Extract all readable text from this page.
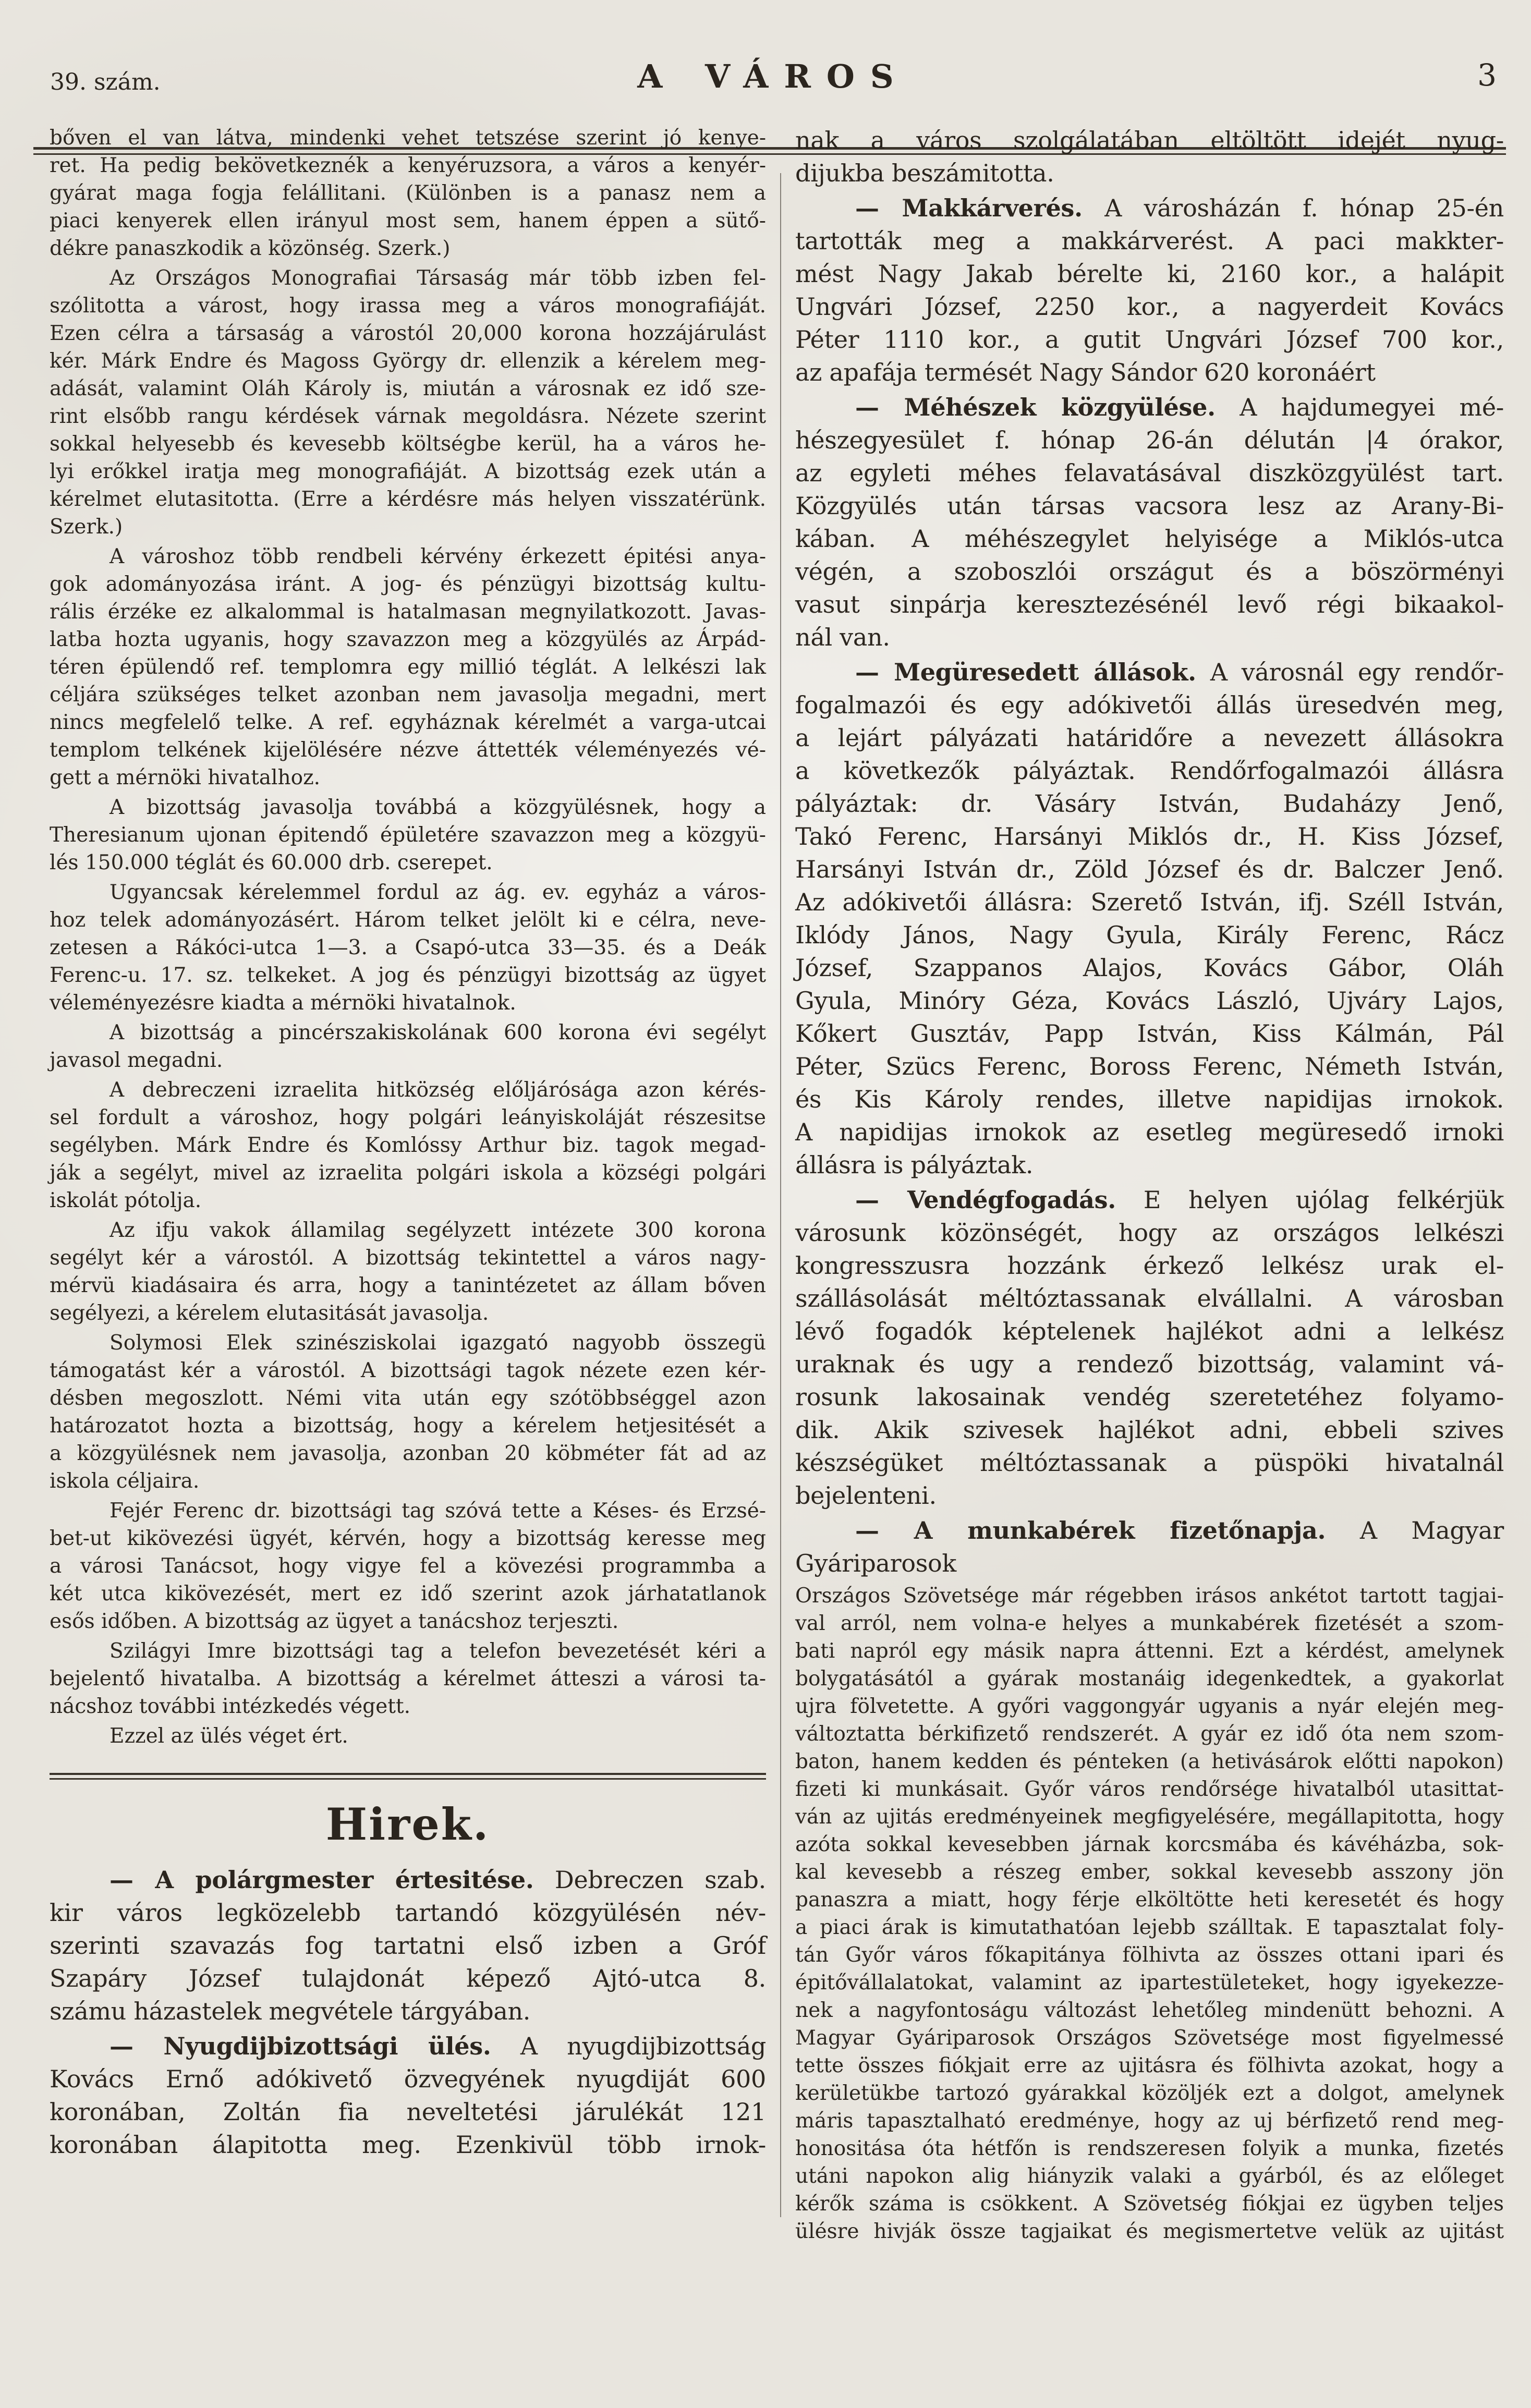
39. szám.	A VÁROS	3
bőven el van látva, mindenki vehet tetszése szerint jó kenye-
ret. Ha pedig bekövetkeznék a kenyéruzsora, a város a kenyér-
gyárat maga fogja felállitani. (Különben is a panasz nem a
piaci kenyerek ellen irányul most sem, hanem éppen a sütő-
dékre panaszkodik a közönség. Szerk.)
Az Országos Monografiai Társaság már több izben fel-
szólitotta a várost, hogy irassa meg a város monografiáját.
Ezen célra a társaság a várostól 20,000 korona hozzájárulást
kér. Márk Endre és Magoss György dr. ellenzik a kérelem meg-
adását, valamint Oláh Károly is, miután a városnak ez idő sze-
rint elsőbb rangu kérdések várnak megoldásra. Nézete szerint
sokkal helyesebb és kevesebb költségbe kerül, ha a város he-
lyi erőkkel iratja meg monografiáját. A bizottság ezek után a
kérelmet elutasitotta. (Erre a kérdésre más helyen visszatérünk.
Szerk.)
A városhoz több rendbeli kérvény érkezett épitési anya-
gok adományozása iránt. A jog- és pénzügyi bizottság kultu-
rális érzéke ez alkalommal is hatalmasan megnyilatkozott. Javas-
latba hozta ugyanis, hogy szavazzon meg a közgyülés az Árpád-
téren épülendő ref. templomra egy millió téglát. A lelkészi lak
céljára szükséges telket azonban nem javasolja megadni, mert
nincs megfelelő telke. A ref. egyháznak kérelmét a varga-utcai
templom telkének kijelölésére nézve áttették véleményezés vé-
gett a mérnöki hivatalhoz.
A bizottság javasolja továbbá a közgyülésnek, hogy a
Theresianum ujonan épitendő épületére szavazzon meg a közgyü-
lés 150.000 téglát és 60.000 drb. cserepet.
Ugyancsak kérelemmel fordul az ág. ev. egyház a város-
hoz telek adományozásért. Három telket jelölt ki e célra, neve-
zetesen a Rákóci-utca 1—3. a Csapó-utca 33—35. és a Deák
Ferenc-u. 17. sz. telkeket. A jog és pénzügyi bizottság az ügyet
véleményezésre kiadta a mérnöki hivatalnok.
A bizottság a pincérszakiskolának 600 korona évi segélyt
javasol megadni.
A debreczeni izraelita hitközség előljárósága azon kérés-
sel fordult a városhoz, hogy polgári leányiskoláját részesitse
segélyben. Márk Endre és Komlóssy Arthur biz. tagok megad-
ják a segélyt, mivel az izraelita polgári iskola a községi polgári
iskolát pótolja.
Az ifju vakok államilag segélyzett intézete 300 korona
segélyt kér a várostól. A bizottság tekintettel a város nagy-
mérvü kiadásaira és arra, hogy a tanintézetet az állam bőven
segélyezi, a kérelem elutasitását javasolja.
Solymosi Elek szinésziskolai igazgató nagyobb összegü
támogatást kér a várostól. A bizottsági tagok nézete ezen kér-
désben megoszlott. Némi vita után egy szótöbbséggel azon
határozatot hozta a bizottság, hogy a kérelem hetjesitését a
a közgyülésnek nem javasolja, azonban 20 köbméter fát ad az
iskola céljaira.
Fejér Ferenc dr. bizottsági tag szóvá tette a Késes- és Erzsé-
bet-ut kikövezési ügyét, kérvén, hogy a bizottság keresse meg
a városi Tanácsot, hogy vigye fel a kövezési programmba a
két utca kikövezését, mert ez idő szerint azok járhatatlanok
esős időben. A bizottság az ügyet a tanácshoz terjeszti.
Szilágyi Imre bizottsági tag a telefon bevezetését kéri a
bejelentő hivatalba. A bizottság a kérelmet átteszi a városi ta-
nácshoz további intézkedés végett.
Ezzel az ülés véget ért.
Hirek.
— A polárgmester értesitése. Debreczen szab.
kir város legközelebb tartandó közgyülésén név-
szerinti szavazás fog tartatni első izben a Gróf
Szapáry József tulajdonát képező Ajtó-utca 8.
számu házastelek megvétele tárgyában.
— Nyugdijbizottsági ülés. A nyugdijbizottság
Kovács Ernő adókivető özvegyének nyugdiját 600
koronában, Zoltán fia neveltetési járulékát 121
koronában álapitotta meg. Ezenkivül több irnok-
nak a város szolgálatában eltöltött idejét nyug-
dijukba beszámitotta.
— Makkárverés. A városházán f. hónap 25-én
tartották meg a makkárverést. A paci makkter-
mést Nagy Jakab bérelte ki, 2160 kor., a halápit
Ungvári József, 2250 kor., a nagyerdeit Kovács
Péter 1110 kor., a gutit Ungvári József 700 kor.,
az apafája termését Nagy Sándor 620 koronáért
— Méhészek közgyülése. A hajdumegyei mé-
hészegyesület f. hónap 26-án délután |4 órakor,
az egyleti méhes felavatásával diszközgyülést tart.
Közgyülés után társas vacsora lesz az Arany-Bi-
kában. A méhészegylet helyisége a Miklós-utca
végén, a szoboszlói országut és a böszörményi
vasut sinpárja keresztezésénél levő régi bikaakol-
nál van.
— Megüresedett állások. A városnál egy rendőr-
fogalmazói és egy adókivetői állás üresedvén meg,
a lejárt pályázati határidőre a nevezett állásokra
a következők pályáztak. Rendőrfogalmazói állásra
pályáztak: dr. Vásáry István, Budaházy Jenő,
Takó Ferenc, Harsányi Miklós dr., H. Kiss József,
Harsányi István dr., Zöld József és dr. Balczer Jenő.
Az adókivetői állásra: Szerető István, ifj. Széll István,
Iklódy János, Nagy Gyula, Király Ferenc, Rácz
József, Szappanos Alajos, Kovács Gábor, Oláh
Gyula, Minóry Géza, Kovács László, Ujváry Lajos,
Kőkert Gusztáv, Papp István, Kiss Kálmán, Pál
Péter, Szücs Ferenc, Boross Ferenc, Németh István,
és Kis Károly rendes, illetve napidijas irnokok.
A napidijas irnokok az esetleg megüresedő irnoki
állásra is pályáztak.
— Vendégfogadás. E helyen ujólag felkérjük
városunk közönségét, hogy az országos lelkészi
kongresszusra hozzánk érkező lelkész urak el-
szállásolását méltóztassanak elvállalni. A városban
lévő fogadók képtelenek hajlékot adni a lelkész
uraknak és ugy a rendező bizottság, valamint vá-
rosunk lakosainak vendég szeretetéhez folyamo-
dik. Akik szivesek hajlékot adni, ebbeli szives
készségüket méltóztassanak a püspöki hivatalnál
bejelenteni.
— A munkabérek fizetőnapja. A Magyar Gyáriparosok
Országos Szövetsége már régebben irásos ankétot tartott tagjai-
val arról, nem volna-e helyes a munkabérek fizetését a szom-
bati napról egy másik napra áttenni. Ezt a kérdést, amelynek
bolygatásától a gyárak mostanáig idegenkedtek, a gyakorlat
ujra fölvetette. A győri vaggongyár ugyanis a nyár elején meg-
változtatta bérkifizető rendszerét. A gyár ez idő óta nem szom-
baton, hanem kedden és pénteken (a hetivásárok előtti napokon)
fizeti ki munkásait. Győr város rendőrsége hivatalból utasittat-
ván az ujitás eredményeinek megfigyelésére, megállapitotta, hogy
azóta sokkal kevesebben járnak korcsmába és kávéházba, sok-
kal kevesebb a részeg ember, sokkal kevesebb asszony jön
panaszra a miatt, hogy férje elköltötte heti keresetét és hogy
a piaci árak is kimutathatóan lejebb szálltak. E tapasztalat foly-
tán Győr város főkapitánya fölhivta az összes ottani ipari és
épitővállalatokat, valamint az ipartestületeket, hogy igyekezze-
nek a nagyfontoságu változást lehetőleg mindenütt behozni. A
Magyar Gyáriparosok Országos Szövetsége most figyelmessé
tette összes fiókjait erre az ujitásra és fölhivta azokat, hogy a
kerületükbe tartozó gyárakkal közöljék ezt a dolgot, amelynek
máris tapasztalható eredménye, hogy az uj bérfizető rend meg-
honositása óta hétfőn is rendszeresen folyik a munka, fizetés
utáni napokon alig hiányzik valaki a gyárból, és az előleget
kérők száma is csökkent. A Szövetség fiókjai ez ügyben teljes
ülésre hivják össze tagjaikat és megismertetve velük az ujitást
